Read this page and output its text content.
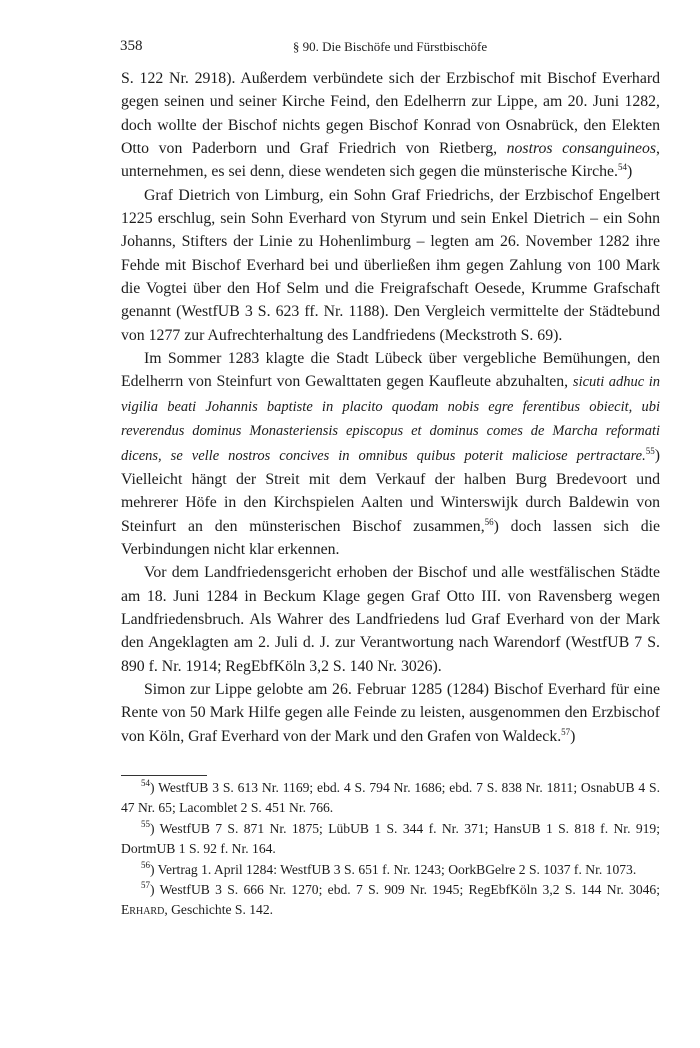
358	§ 90. Die Bischöfe und Fürstbischöfe

S. 122 Nr. 2918). Außerdem verbündete sich der Erzbischof mit Bischof Everhard gegen seinen und seiner Kirche Feind, den Edelherrn zur Lippe, am 20. Juni 1282, doch wollte der Bischof nichts gegen Bischof Konrad von Osnabrück, den Elekten Otto von Paderborn und Graf Friedrich von Rietberg, nostros consanguineos, unternehmen, es sei denn, diese wendeten sich gegen die münsterische Kirche.$^{54}$)

Graf Dietrich von Limburg, ein Sohn Graf Friedrichs, der Erzbischof Engelbert 1225 erschlug, sein Sohn Everhard von Styrum und sein Enkel Dietrich – ein Sohn Johanns, Stifters der Linie zu Hohenlimburg – legten am 26. November 1282 ihre Fehde mit Bischof Everhard bei und überließen ihm gegen Zahlung von 100 Mark die Vogtei über den Hof Selm und die Freigrafschaft Oesede, Krumme Grafschaft genannt (WestfUB 3 S. 623 ff. Nr. 1188). Den Vergleich vermittelte der Städtebund von 1277 zur Aufrechterhaltung des Landfriedens (Meckstroth S. 69).

Im Sommer 1283 klagte die Stadt Lübeck über vergebliche Bemühungen, den Edelherrn von Steinfurt von Gewalttaten gegen Kaufleute abzuhalten, sicuti adhuc in vigilia beati Johannis baptiste in placito quodam nobis egre ferentibus obiecit, ubi reverendus dominus Monasteriensis episcopus et dominus comes de Marcha reformati dicens, se velle nostros concives in omnibus quibus poterit maliciose pertractare.$^{55}$) Vielleicht hängt der Streit mit dem Verkauf der halben Burg Bredevoort und mehrerer Höfe in den Kirchspielen Aalten und Winterswijk durch Baldewin von Steinfurt an den münsterischen Bischof zusammen,$^{56}$) doch lassen sich die Verbindungen nicht klar erkennen.

Vor dem Landfriedensgericht erhoben der Bischof und alle westfälischen Städte am 18. Juni 1284 in Beckum Klage gegen Graf Otto III. von Ravensberg wegen Landfriedensbruch. Als Wahrer des Landfriedens lud Graf Everhard von der Mark den Angeklagten am 2. Juli d. J. zur Verantwortung nach Warendorf (WestfUB 7 S. 890 f. Nr. 1914; RegEbfKöln 3,2 S. 140 Nr. 3026).

Simon zur Lippe gelobte am 26. Februar 1285 (1284) Bischof Everhard für eine Rente von 50 Mark Hilfe gegen alle Feinde zu leisten, ausgenommen den Erzbischof von Köln, Graf Everhard von der Mark und den Grafen von Waldeck.$^{57}$)

$^{54}$) WestfUB 3 S. 613 Nr. 1169; ebd. 4 S. 794 Nr. 1686; ebd. 7 S. 838 Nr. 1811; OsnabUB 4 S. 47 Nr. 65; Lacomblet 2 S. 451 Nr. 766.

$^{55}$) WestfUB 7 S. 871 Nr. 1875; LübUB 1 S. 344 f. Nr. 371; HansUB 1 S. 818 f. Nr. 919; DortmUB 1 S. 92 f. Nr. 164.

$^{56}$) Vertrag 1. April 1284: WestfUB 3 S. 651 f. Nr. 1243; OorkBGelre 2 S. 1037 f. Nr. 1073.

$^{57}$) WestfUB 3 S. 666 Nr. 1270; ebd. 7 S. 909 Nr. 1945; RegEbfKöln 3,2 S. 144 Nr. 3046; Erhard, Geschichte S. 142.
